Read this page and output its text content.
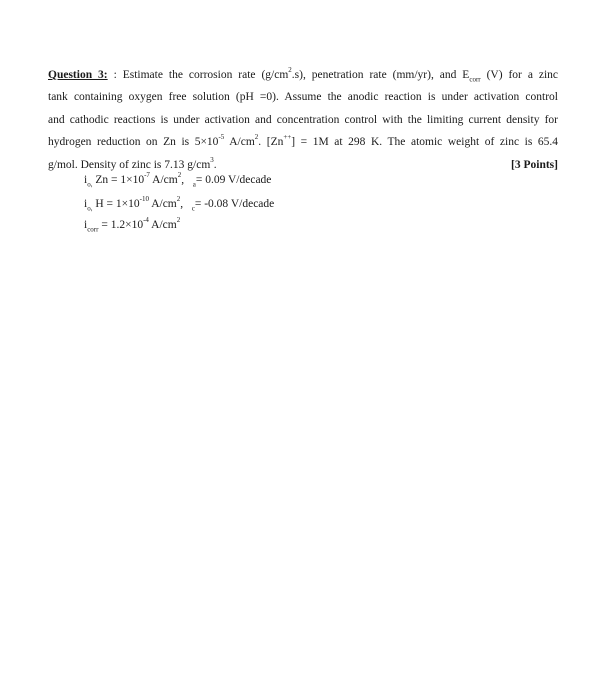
Question 3: : Estimate the corrosion rate $(g/cm^2.s)$, penetration rate (mm/yr), and $E_{corr}$ (V) for a zinc
tank containing oxygen free solution (pH =0). Assume the anodic reaction is under activation control
and cathodic reactions is under activation and concentration control with the limiting current density for
hydrogen reduction on Zn is $5\times 10^{-5}$ $A/cm^2$. [Zn++] = 1M at 298 K. The atomic weight of zinc is 65.4
g/mol. Density of zinc is 7.13 $g/cm^3$.	[3 Points]
$i_{o,}$ $Zn = 1\times 10^{-7}$ $A/cm^2$,   $_a$= 0.09 V/decade
$i_{o,}$ $H = 1\times 10^{-10}$ $A/cm^2$,   $_c$= -0.08 V/decade
$i_{corr} = 1.2\times 10^{-4}$ $A/cm^2$
